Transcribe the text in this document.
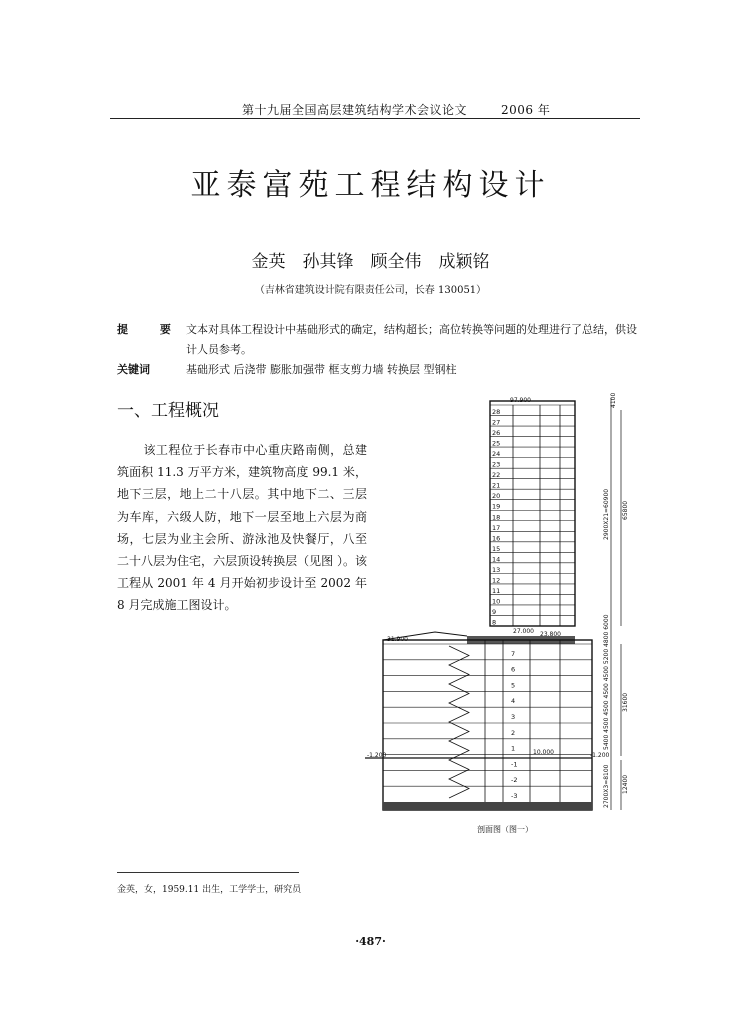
第十九届全国高层建筑结构学术会议论文	2006 年
亚泰富苑工程结构设计
金英　孙其锋　顾全伟　成颖铭
（吉林省建筑设计院有限责任公司，长春 130051）
提 要 文本对具体工程设计中基础形式的确定，结构超长；高位转换等问题的处理进行了总结，供设计人员参考。
关键词	基础形式 后浇带 膨胀加强带 框支剪力墙 转换层 型钢柱
一、工程概况
该工程位于长春市中心重庆路南侧，总建筑面积 11.3 万平方米，建筑物高度 99.1 米，地下三层，地上二十八层。其中地下二、三层为车库，六级人防，地下一层至地上六层为商场，七层为业主会所、游泳池及快餐厅，八至二十八层为住宅，六层顶设转换层（见图 ）。该工程从 2001 年 4 月开始初步设计至 2002 年 8 月完成施工图设计。
28
27
26
25
24
23
22
21
20
19
18
17
16
15
14
13
12
11
10
9
8
97.900
27.000 23.800
7
6
5
4
3
2
1
-1
-2
-3
31.900
-1.200	-1.200
10.000
2900X21=60900 65800
5400 4500 4500 4500 4500 5200 4800 6000 31600
2700X3=8100 12400
4100
剖面图（图一）
金英，女，1959.11 出生，工学学士，研究员
·487·
